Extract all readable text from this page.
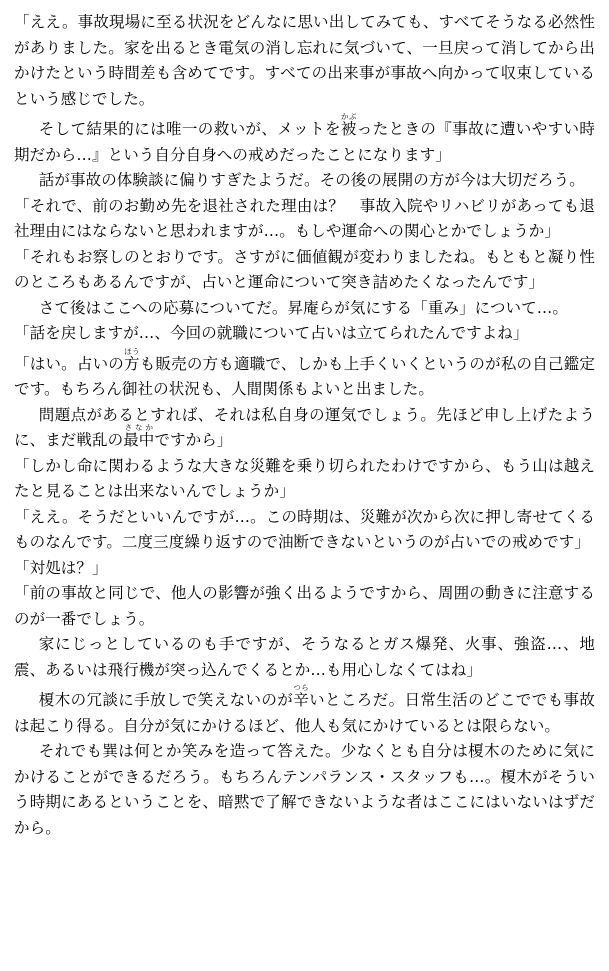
「ええ。事故現場に至る状況をどんなに思い出してみても、すべてそうなる必然性がありました。家を出るとき電気の消し忘れに気づいて、一旦戻って消してから出かけたという時間差も含めてです。すべての出来事が事故へ向かって収束しているという感じでした。

そして結果的には唯一の救いが、メットを被かぶったときの『事故に遭いやすい時期だから…』という自分自身への戒めだったことになります」

話が事故の体験談に偏りすぎたようだ。その後の展開の方が今は大切だろう。

「それで、前のお勤め先を退社された理由は？　事故入院やリハビリがあっても退社理由にはならないと思われますが…。もしや運命への関心とかでしょうか」

「それもお察しのとおりです。さすがに価値観が変わりましたね。もともと凝り性のところもあるんですが、占いと運命について突き詰めたくなったんです」

さて後はここへの応募についてだ。昇庵らが気にする「重み」について…。

「話を戻しますが…、今回の就職について占いは立てられたんですよね」

「はい。占いの方ほうも販売の方も適職で、しかも上手くいくというのが私の自己鑑定です。もちろん御社の状況も、人間関係もよいと出ました。

問題点があるとすれば、それは私自身の運気でしょう。先ほど申し上げたように、まだ戦乱の最中さなかですから」

「しかし命に関わるような大きな災難を乗り切られたわけですから、もう山は越えたと見ることは出来ないんでしょうか」

「ええ。そうだといいんですが…。この時期は、災難が次から次に押し寄せてくるものなんです。二度三度繰り返すので油断できないというのが占いでの戒めです」

「対処は？」

「前の事故と同じで、他人の影響が強く出るようですから、周囲の動きに注意するのが一番でしょう。

家にじっとしているのも手ですが、そうなるとガス爆発、火事、強盗…、地震、あるいは飛行機が突っ込んでくるとか…も用心しなくてはね」

榎木の冗談に手放しで笑えないのが辛つらいところだ。日常生活のどこででも事故は起こり得る。自分が気にかけるほど、他人も気にかけているとは限らない。

それでも巽は何とか笑みを造って答えた。少なくとも自分は榎木のために気にかけることができるだろう。もちろんテンパランス・スタッフも…。榎木がそういう時期にあるということを、暗黙で了解できないような者はここにはいないはずだから。
